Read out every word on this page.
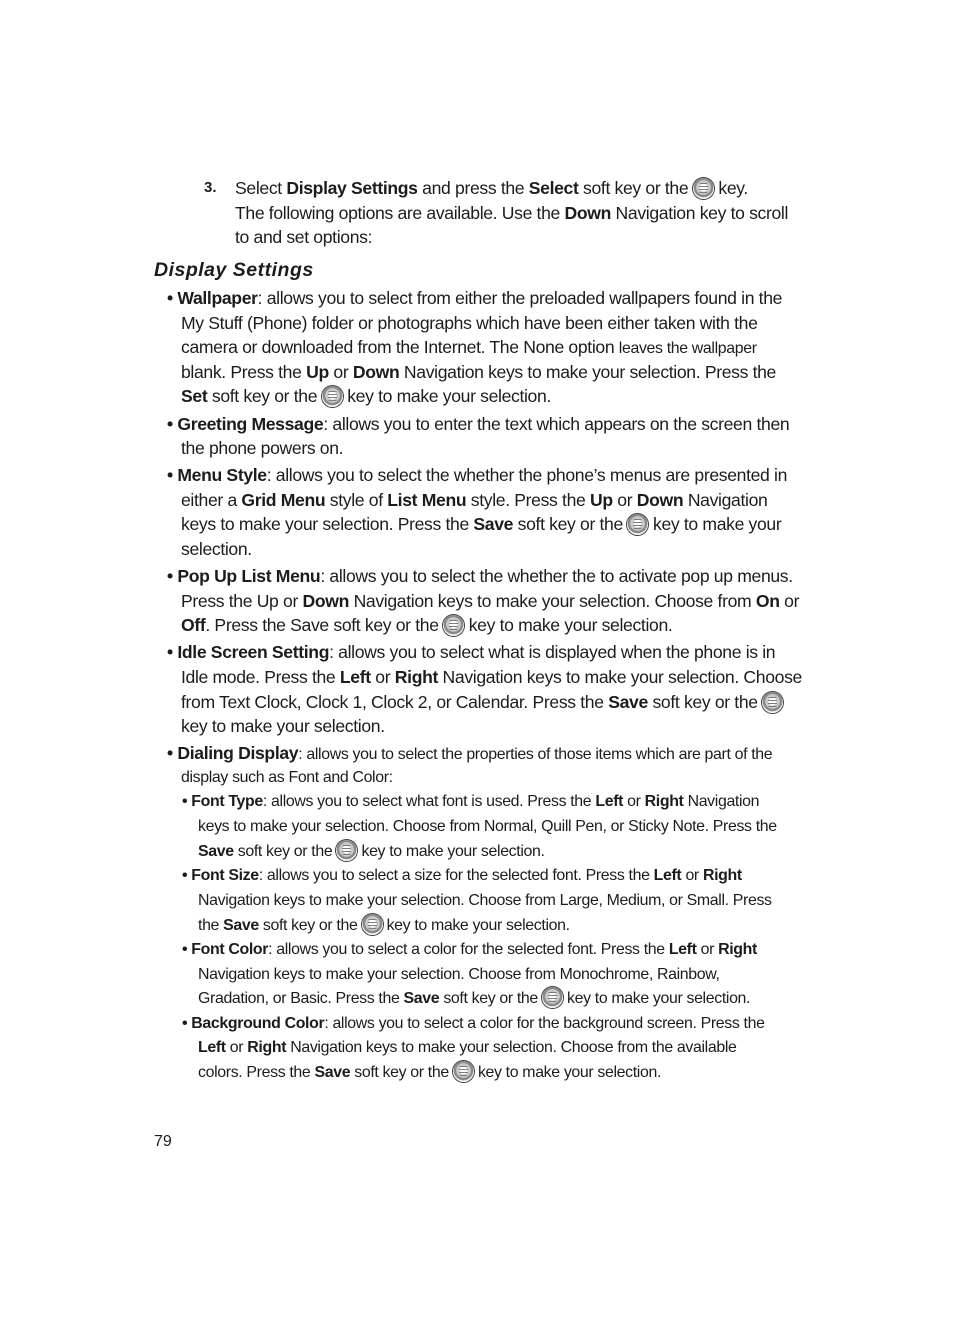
3. Select Display Settings and press the Select soft key or the  key.

The following options are available. Use the Down Navigation key to scroll

to and set options:

Display Settings

• Wallpaper: allows you to select from either the preloaded wallpapers found in the

My Stuff (Phone) folder or photographs which have been either taken with the

camera or downloaded from the Internet. The None option leaves the wallpaper

blank. Press the Up or Down Navigation keys to make your selection. Press the

Set soft key or the  key to make your selection.

• Greeting Message: allows you to enter the text which appears on the screen then

the phone powers on.

• Menu Style: allows you to select the whether the phone’s menus are presented in

either a Grid Menu style of List Menu style. Press the Up or Down Navigation

keys to make your selection. Press the Save soft key or the  key to make your

selection.

• Pop Up List Menu: allows you to select the whether the to activate pop up menus.

Press the Up or Down Navigation keys to make your selection. Choose from On or

Off. Press the Save soft key or the  key to make your selection.

• Idle Screen Setting: allows you to select what is displayed when the phone is in

Idle mode. Press the Left or Right Navigation keys to make your selection. Choose

from Text Clock, Clock 1, Clock 2, or Calendar. Press the Save soft key or the

key to make your selection.

• Dialing Display: allows you to select the properties of those items which are part of the

display such as Font and Color:

• Font Type: allows you to select what font is used. Press the Left or Right Navigation

keys to make your selection. Choose from Normal, Quill Pen, or Sticky Note. Press the

Save soft key or the  key to make your selection.

• Font Size: allows you to select a size for the selected font. Press the Left or Right

Navigation keys to make your selection. Choose from Large, Medium, or Small. Press

the Save soft key or the  key to make your selection.

• Font Color: allows you to select a color for the selected font. Press the Left or Right

Navigation keys to make your selection. Choose from Monochrome, Rainbow,

Gradation, or Basic. Press the Save soft key or the  key to make your selection.

• Background Color: allows you to select a color for the background screen. Press the

Left or Right Navigation keys to make your selection. Choose from the available

colors. Press the Save soft key or the  key to make your selection.

79
